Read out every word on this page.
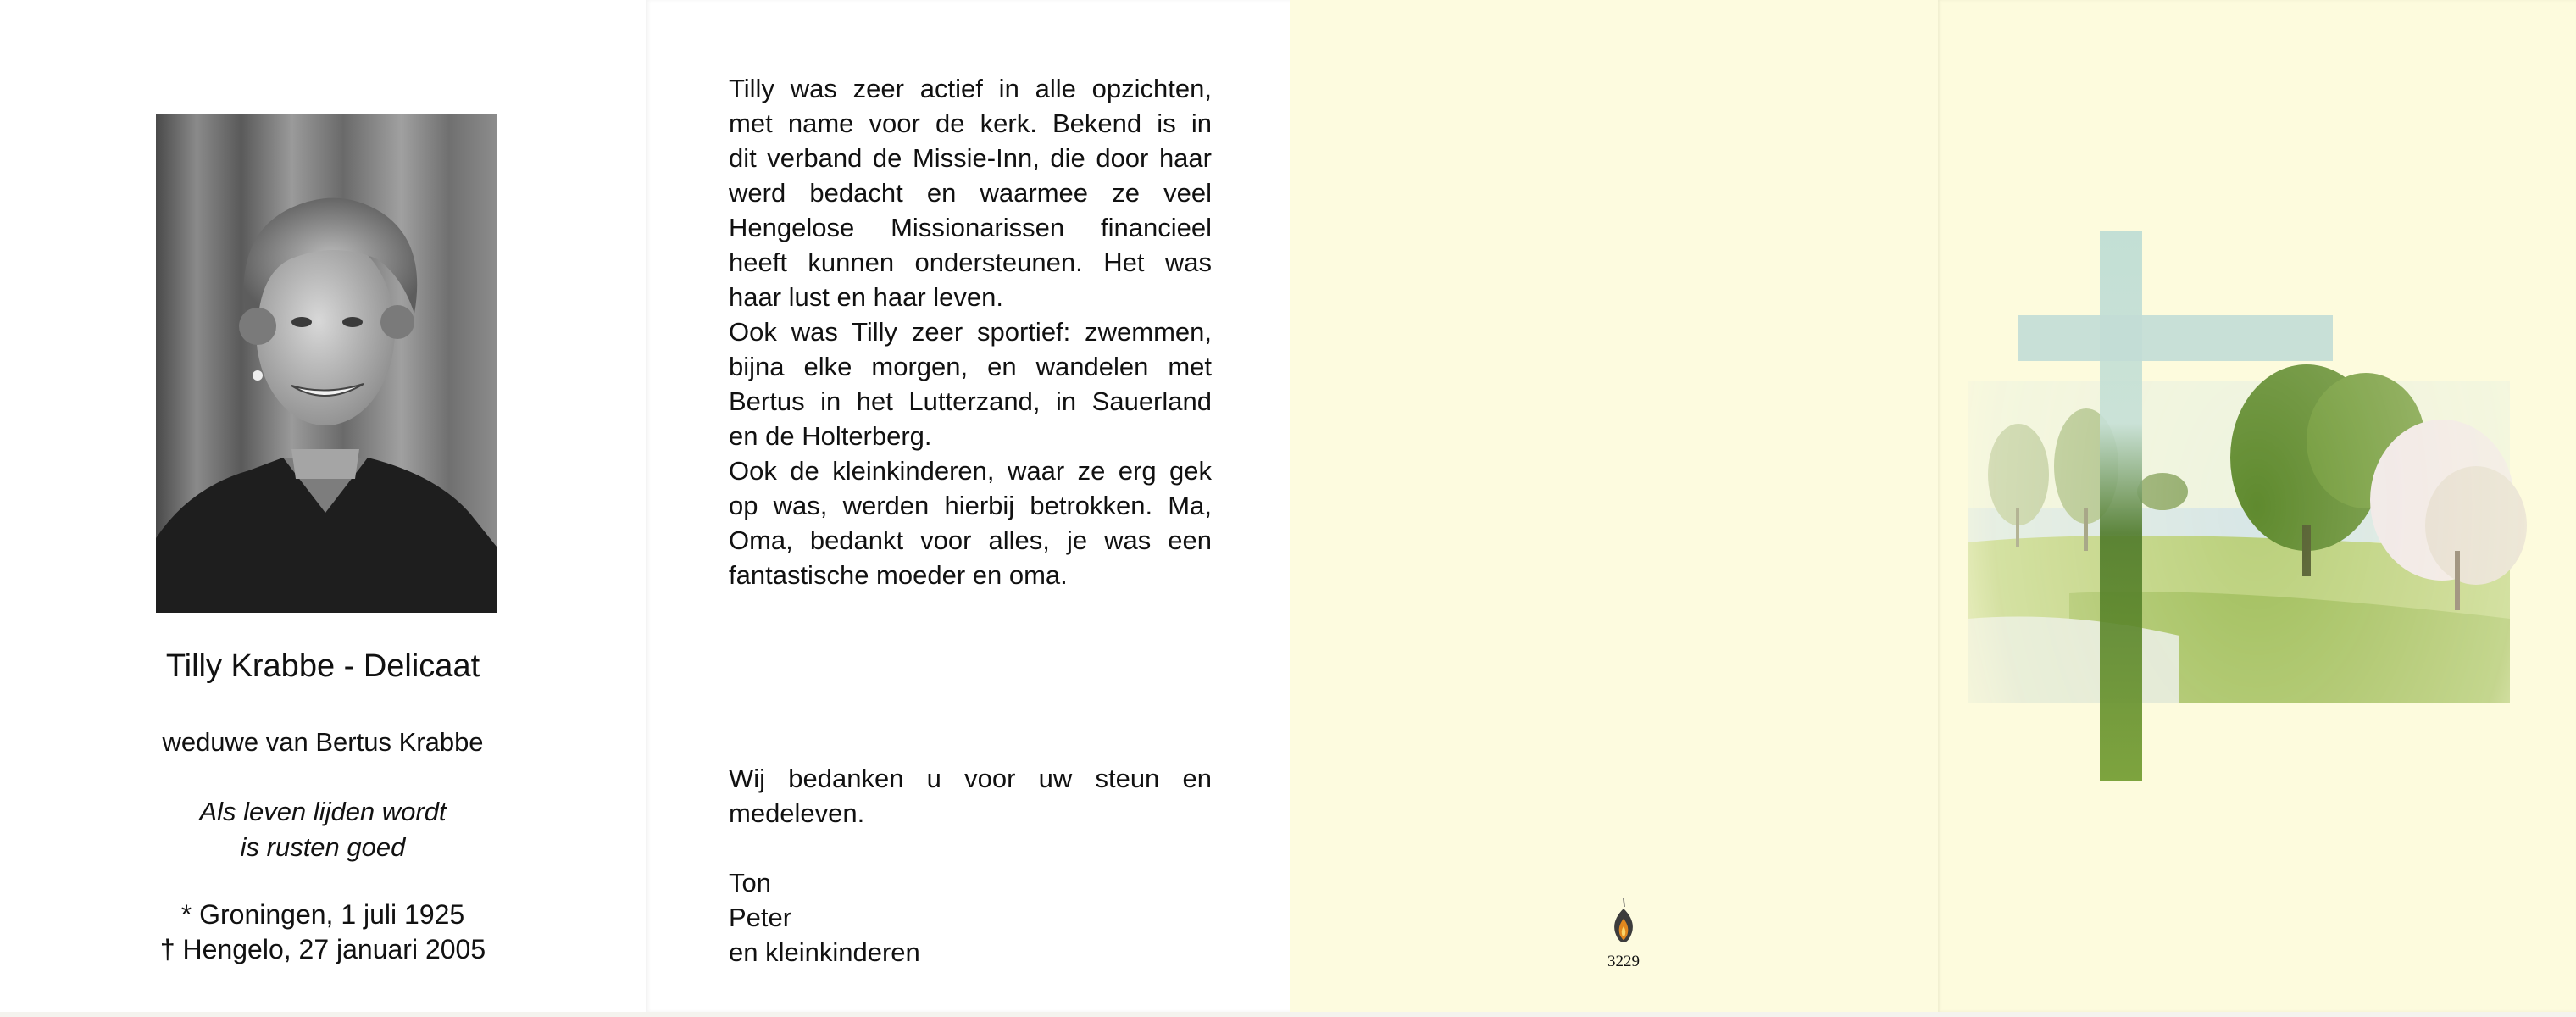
Tilly Krabbe - Delicaat
weduwe van Bertus Krabbe
Als leven lijden wordt
is rusten goed
* Groningen, 1 juli 1925
† Hengelo, 27 januari 2005
Tilly was zeer actief in alle opzichten,
met name voor de kerk. Bekend is in
dit verband de Missie-Inn, die door haar
werd bedacht en waarmee ze veel
Hengelose Missionarissen financieel
heeft kunnen ondersteunen. Het was
haar lust en haar leven.
Ook was Tilly zeer sportief: zwemmen,
bijna elke morgen, en wandelen met
Bertus in het Lutterzand, in Sauerland
en de Holterberg.
Ook de kleinkinderen, waar ze erg gek
op was, werden hierbij betrokken. Ma,
Oma, bedankt voor alles, je was een
fantastische moeder en oma.
Wij bedanken u voor uw steun en
medeleven.
Ton
Peter
en kleinkinderen	3229
